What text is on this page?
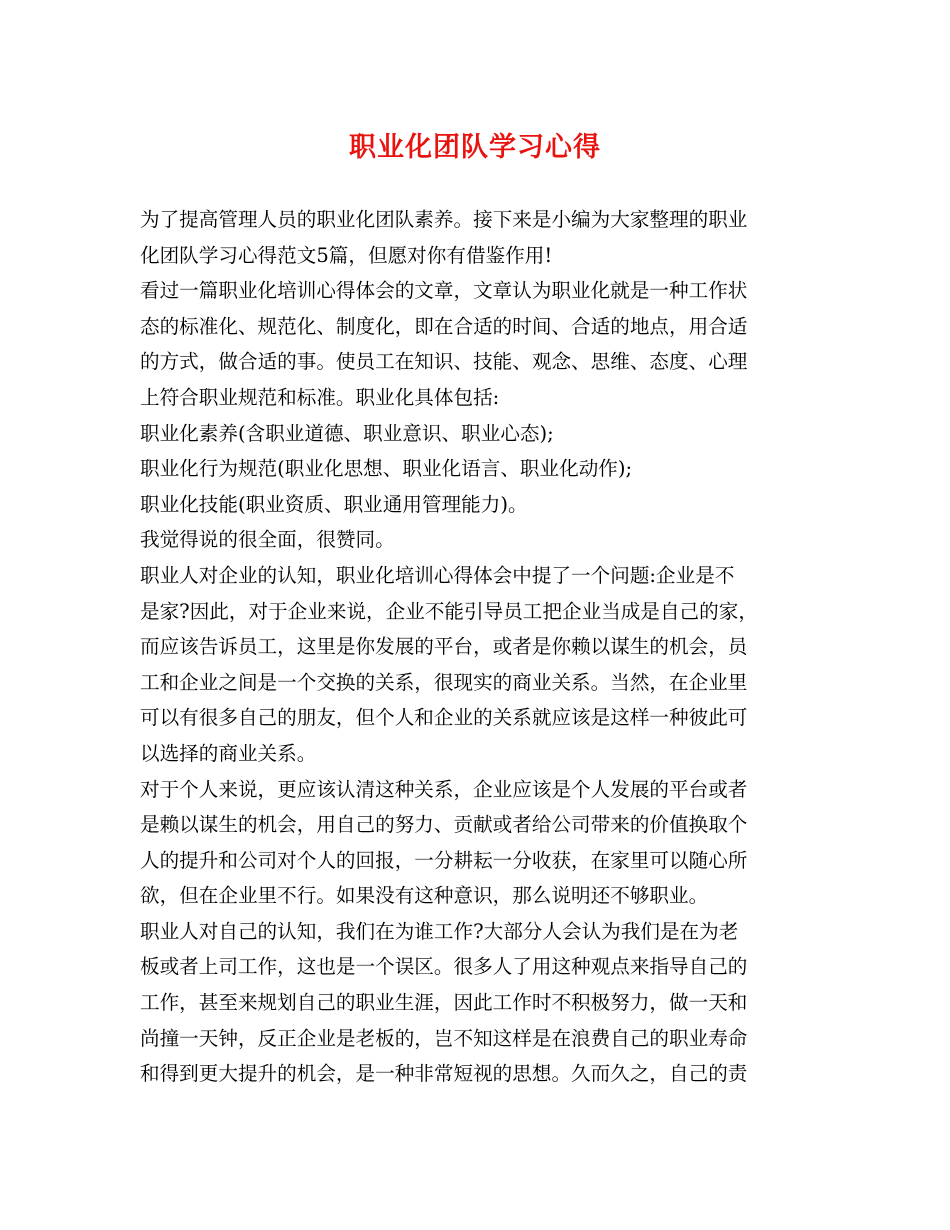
职业化团队学习心得
为了提高管理人员的职业化团队素养。接下来是小编为大家整理的职业
化团队学习心得范文5篇，但愿对你有借鉴作用!
看过一篇职业化培训心得体会的文章，文章认为职业化就是一种工作状
态的标准化、规范化、制度化，即在合适的时间、合适的地点，用合适
的方式，做合适的事。使员工在知识、技能、观念、思维、态度、心理
上符合职业规范和标准。职业化具体包括:
职业化素养(含职业道德、职业意识、职业心态);
职业化行为规范(职业化思想、职业化语言、职业化动作);
职业化技能(职业资质、职业通用管理能力)。
我觉得说的很全面，很赞同。
职业人对企业的认知，职业化培训心得体会中提了一个问题:企业是不
是家?因此，对于企业来说，企业不能引导员工把企业当成是自己的家，
而应该告诉员工，这里是你发展的平台，或者是你赖以谋生的机会，员
工和企业之间是一个交换的关系，很现实的商业关系。当然，在企业里
可以有很多自己的朋友，但个人和企业的关系就应该是这样一种彼此可
以选择的商业关系。
对于个人来说，更应该认清这种关系，企业应该是个人发展的平台或者
是赖以谋生的机会，用自己的努力、贡献或者给公司带来的价值换取个
人的提升和公司对个人的回报，一分耕耘一分收获，在家里可以随心所
欲，但在企业里不行。如果没有这种意识，那么说明还不够职业。
职业人对自己的认知，我们在为谁工作?大部分人会认为我们是在为老
板或者上司工作，这也是一个误区。很多人了用这种观点来指导自己的
工作，甚至来规划自己的职业生涯，因此工作时不积极努力，做一天和
尚撞一天钟，反正企业是老板的，岂不知这样是在浪费自己的职业寿命
和得到更大提升的机会，是一种非常短视的思想。久而久之，自己的责
